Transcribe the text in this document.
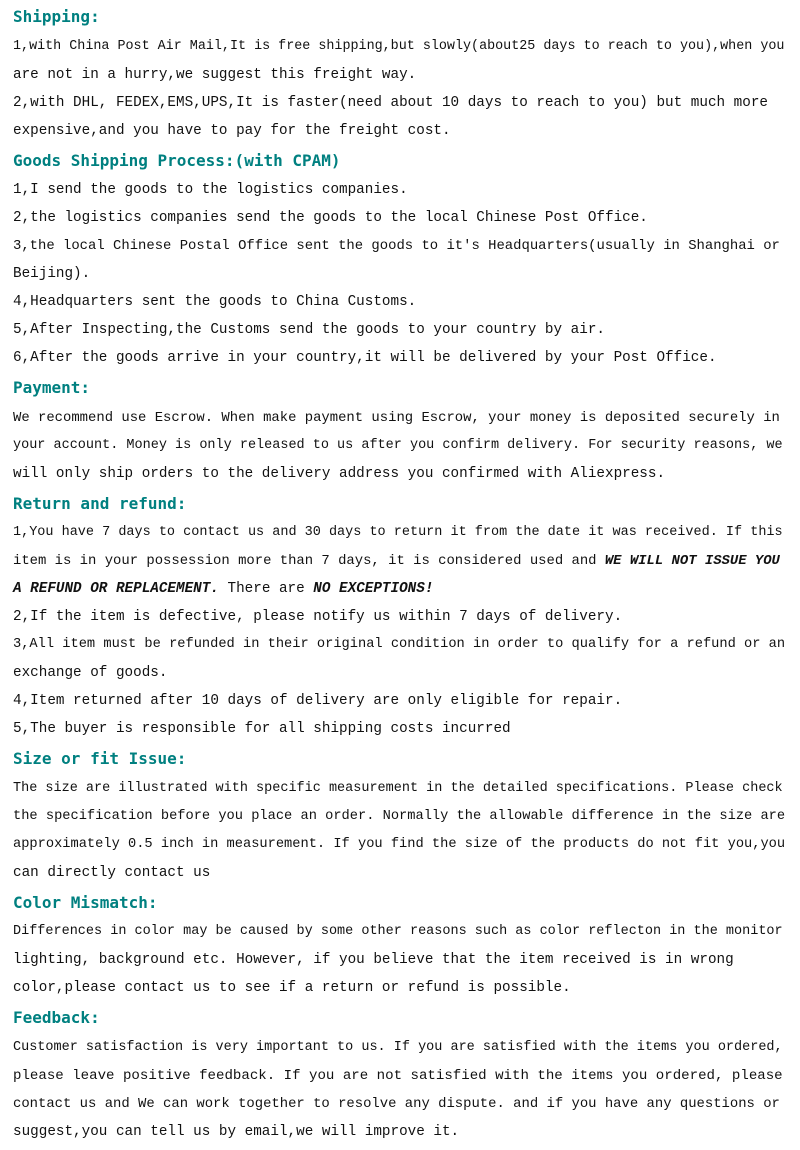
Shipping:
1,with China Post Air Mail,It is free shipping,but slowly(about25 days to reach to you),when you
are not in a hurry,we suggest this freight way.
2,with DHL, FEDEX,EMS,UPS,It is faster(need about 10 days to reach to you) but much more
expensive,and you have to pay for the freight cost.
Goods Shipping Process:(with CPAM)
1,I send the goods to the logistics companies.
2,the logistics companies send the goods to the local Chinese Post Office.
3,the local Chinese Postal Office sent the goods to it's Headquarters(usually in Shanghai or
Beijing).
4,Headquarters sent the goods to China Customs.
5,After Inspecting,the Customs send the goods to your country by air.
6,After the goods arrive in your country,it will be delivered by your Post Office.
Payment:
We recommend use Escrow. When make payment using Escrow, your money is deposited securely in
your account. Money is only released to us after you confirm delivery. For security reasons, we
will only ship orders to the delivery address you confirmed with Aliexpress.
Return and refund:
1,You have 7 days to contact us and 30 days to return it from the date it was received. If this
item is in your possession more than 7 days, it is considered used and WE WILL NOT ISSUE YOU
A REFUND OR REPLACEMENT. There are NO EXCEPTIONS!
2,If the item is defective, please notify us within 7 days of delivery.
3,All item must be refunded in their original condition in order to qualify for a refund or an
exchange of goods.
4,Item returned after 10 days of delivery are only eligible for repair.
5,The buyer is responsible for all shipping costs incurred
Size or fit Issue:
The size are illustrated with specific measurement in the detailed specifications. Please check
the specification before you place an order. Normally the allowable difference in the size are
approximately 0.5 inch in measurement. If you find the size of the products do not fit you,you
can directly contact us
Color Mismatch:
Differences in color may be caused by some other reasons such as color reflecton in the monitor
lighting, background etc. However, if you believe that the item received is in wrong
color,please contact us to see if a return or refund is possible.
Feedback:
Customer satisfaction is very important to us. If you are satisfied with the items you ordered,
please leave positive feedback. If you are not satisfied with the items you ordered, please
contact us and We can work together to resolve any dispute. and if you have any questions or
suggest,you can tell us by email,we will improve it.
